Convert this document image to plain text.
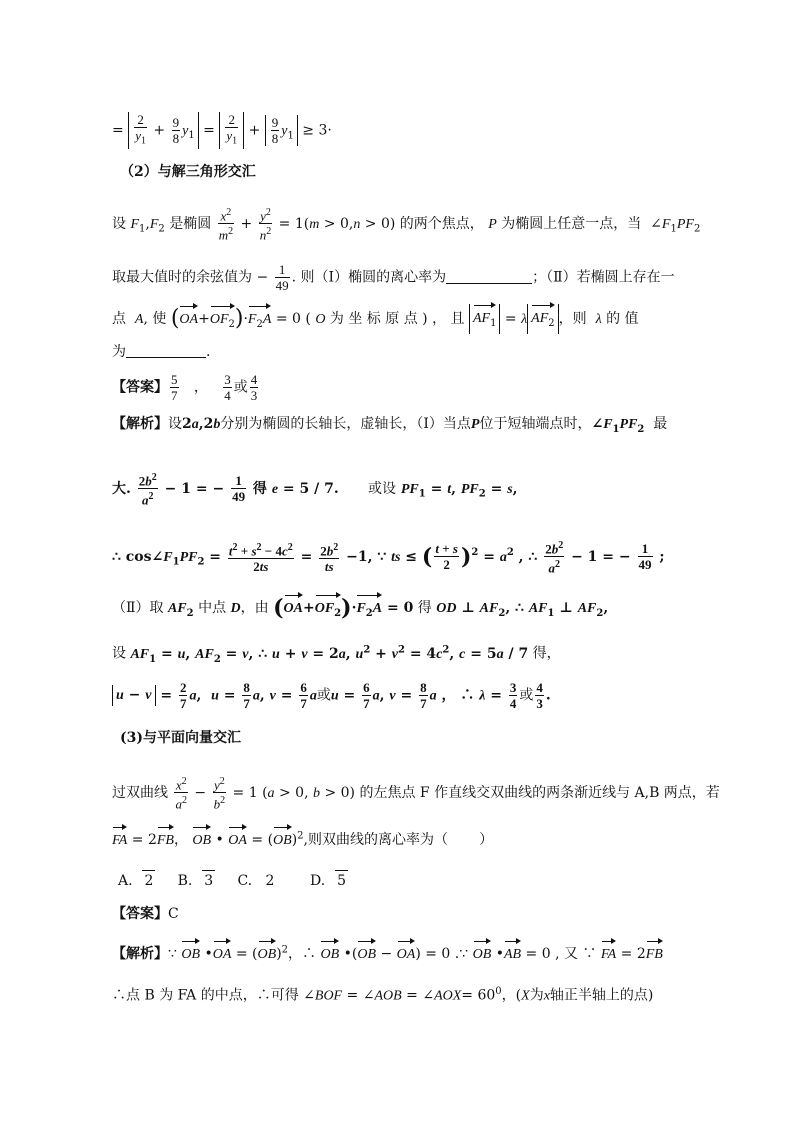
= $\frac{2}{y_1} + \frac{9}{8} y_1 = \frac{2}{y_1} + \frac{9}{8} y_1 \ge 3\cdot$
（2）与解三角形交汇
设 $F_1,F_2$ 是椭圆 $\frac{x^2}{m^2} + \frac{y^2}{n^2} = 1(m > 0,n > 0)$ 的两个焦点， P 为椭圆上任意一点，当  $\angle F_1PF_2$
取最大值时的余弦值为 − $\frac{1}{49}$ . 则（Ⅰ）椭圆的离心率为	；（Ⅱ）若椭圆上存在一
点  A, 使 $(OA+OF_2)\cdot F_2A = 0$ ( O 为 坐 标 原 点 ) ， 且 $AF_1 = \lambda$ $AF_2$ ，则  λ 的 值
为	.
【答案】 $\frac{5}{7}$ ， $\frac{3}{4}$ 或 $\frac{4}{3}$
【解析】设2a,2b分别为椭圆的长轴长，虚轴长，（Ⅰ）当点P位于短轴端点时，$\angle F_1PF_2$  最
大. $\frac{2b^2}{a^2} - 1$ = − $\frac{1}{49}$ 得 e = 5 / 7.      或设 $PF_1 = t$, $PF_2 = s$,
∴ $\cos\angle F_1PF_2 = \frac{t^2 + s^2 - 4c^2}{2ts} = \frac{2b^2}{ts} -1$, ∵ ts ≤ ( $\frac{t + s}{2} )^2 = a^2$ , ∴ $\frac{2b^2}{a^2} - 1$ = − $\frac{1}{49}$ ;
（Ⅱ）取 $AF_2$ 中点 D，由 $(OA+OF_2)\cdot F_2A = 0$ 得 OD ⊥ $AF_2$, ∴ $AF_1$ ⊥ $AF_2$,
设 $AF_1 = u$, $AF_2 = v$, ∴ u + v = 2a, $u^2 + v^2 = 4c^2$, c = 5a / 7 得，
$u - v = \frac{2}{7} a$,  $u = \frac{8}{7} a$, $v = \frac{6}{7}$ a或$u = \frac{6}{7} a$, $v = \frac{8}{7}$ a ， ∴ $\lambda = \frac{3}{4}$ 或 $\frac{4}{3}$ .
(3)与平面向量交汇
过双曲线 $\frac{x^2}{a^2} - \frac{y^2}{b^2} = 1$ (a > 0, b > 0) 的左焦点 F 作直线交双曲线的两条渐近线与 A,B 两点，若
FA = 2FB， OB • OA = (OB)$^2$,则双曲线的离心率为（       ）
A.  2     B.  3     C.   2        D.  5
【答案】C
【解析】∵ OB •OA = (OB)$^2$，∴ OB •(OB − OA) = 0 .∵ OB •AB = 0 , 又 ∵ FA = 2FB
∴点 B 为 FA 的中点，∴可得 ∠BOF = ∠AOB = ∠AOX= $60^0$，(X为x轴正半轴上的点)
